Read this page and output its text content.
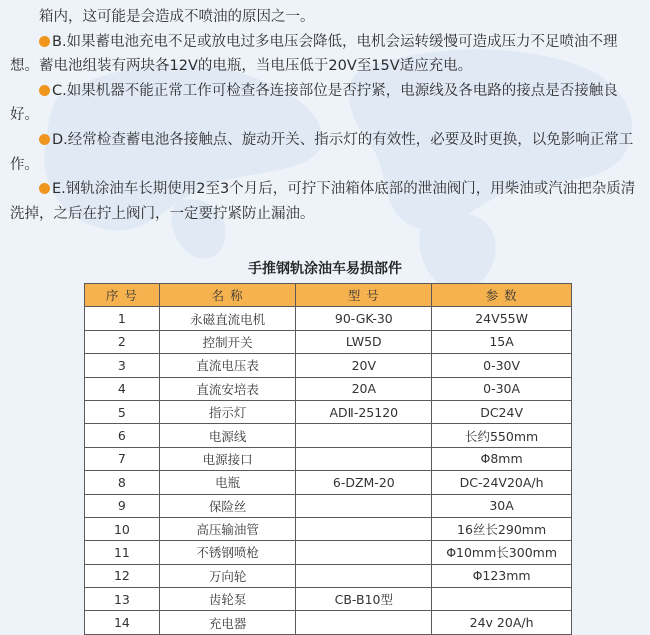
箱内，这可能是会造成不喷油的原因之一。

B.如果蓄电池充电不足或放电过多电压会降低，电机会运转缓慢可造成压力不足喷油不理想。蓄电池组装有两块各12V的电瓶，当电压低于20V至15V适应充电。

C.如果机器不能正常工作可检查各连接部位是否拧紧，电源线及各电路的接点是否接触良好。

D.经常检查蓄电池各接触点、旋动开关、指示灯的有效性，必要及时更换，以免影响正常工作。

E.钢轨涂油车长期使用2至3个月后，可拧下油箱体底部的泄油阀门，用柴油或汽油把杂质清洗掉，之后在拧上阀门，一定要拧紧防止漏油。

手推钢轨涂油车易损部件
序 号	名 称	型 号	参 数
1	永磁直流电机	90-GK-30	24V55W
2	控制开关	LW5D	15A
3	直流电压表	20V	0-30V
4	直流安培表	20A	0-30A
5	指示灯	ADⅡ-25120	DC24V
6	电源线		长约550mm
7	电源接口		Φ8mm
8	电瓶	6-DZM-20	DC-24V20A/h
9	保险丝		30A
10	高压输油管		16丝长290mm
11	不锈钢喷枪		Φ10mm长300mm
12	万向轮		Φ123mm
13	齿轮泵	CB-B10型	
14	充电器		24v 20A/h
